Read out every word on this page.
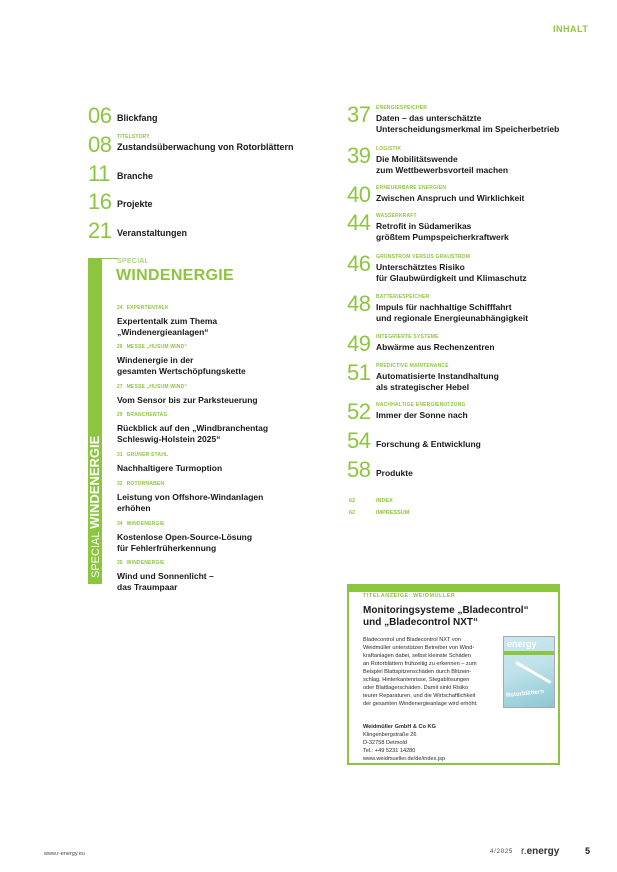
INHALT
06 Blickfang
08 TITELSTORY
Zustandsüberwachung von Rotorblättern
11 Branche
16 Projekte
21 Veranstaltungen
SPECIAL WINDENERGIE
SPECIAL
WINDENERGIE
24 EXPERTENTALK
Expertentalk zum Thema
„Windenergieanlagen“
26 MESSE „HUSUM WIND“
Windenergie in der
gesamten Wertschöpfungskette
27 MESSE „HUSUM WIND“
Vom Sensor bis zur Parksteuerung
29 BRANCHENTAG
Rückblick auf den „Windbranchentag
Schleswig-Holstein 2025“
31 GRÜNER STAHL
Nachhaltigere Turmoption
32 ROTORNABEN
Leistung von Offshore-Windanlagen
erhöhen
34 WINDENERGIE
Kostenlose Open-Source-Lösung
für Fehlerfrüherkennung
35 WINDENERGIE
Wind und Sonnenlicht –
das Traumpaar
37 ENERGIESPEICHER
Daten – das unterschätzte
Unterscheidungsmerkmal im Speicherbetrieb
39 LOGISTIK
Die Mobilitätswende
zum Wettbewerbsvorteil machen
40 ERNEUERBARE ENERGIEN
Zwischen Anspruch und Wirklichkeit
44 WASSERKRAFT
Retrofit in Südamerikas
größtem Pumpspeicherkraftwerk
46 GRÜNSTROM VERSUS GRAUSTROM
Unterschätztes Risiko
für Glaubwürdigkeit und Klimaschutz
48 BATTERIESPEICHER
Impuls für nachhaltige Schifffahrt
und regionale Energieunabhängigkeit
49 INTEGRIERTE SYSTEME
Abwärme aus Rechenzentren
51 PREDICTIVE MAINTENANCE
Automatisierte Instandhaltung
als strategischer Hebel
52 NACHHALTIGE ENERGIENUTZUNG
Immer der Sonne nach
54 Forschung & Entwicklung
58 Produkte
62	INDEX
62	IMPRESSUM
TITELANZEIGE: WEIDMÜLLER
Monitoringsysteme „Bladecontrol“
und „Bladecontrol NXT“
Bladecontrol und Bladecontrol NXT von
Weidmüller unterstützen Betreiber von Wind-
kraftanlagen dabei, selbst kleinste Schäden
an Rotorblättern frühzeitig zu erkennen – zum
Beispiel Blattspitzenschäden durch Blitzein-
schlag, Hinterkantenrisse, Stegablösungen
oder Blattlagerschäden. Damit sinkt Risiko
teurer Reparaturen, und die Wirtschaftlichkeit
der gesamten Windenergieanlage wird erhöht.
Weidmüller GmbH & Co KG
Klingenbergstraße 26
D-32758 Detmold
Tel.: +49 5231 14280
www.weidmueller.de/de/index.jsp
energy
Rotorblättern
www.r-energy.eu	4/2025 r.energy	5
